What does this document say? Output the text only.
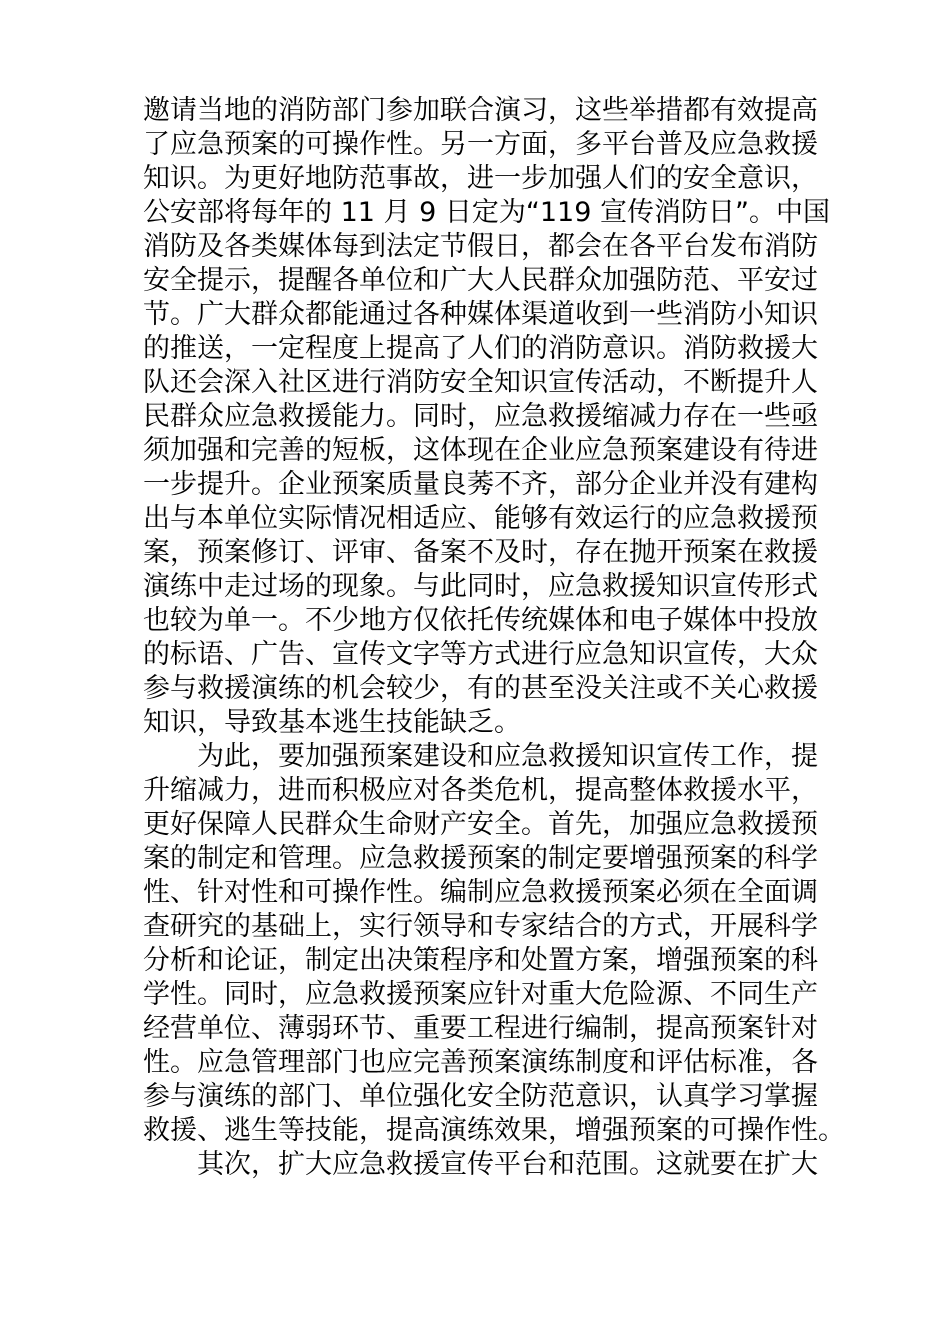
邀请当地的消防部门参加联合演习，这些举措都有效提高
了应急预案的可操作性。另一方面，多平台普及应急救援
知识。为更好地防范事故，进一步加强人们的安全意识，
公安部将每年的 11 月 9 日定为“119 宣传消防日”。中国
消防及各类媒体每到法定节假日，都会在各平台发布消防
安全提示，提醒各单位和广大人民群众加强防范、平安过
节。广大群众都能通过各种媒体渠道收到一些消防小知识
的推送，一定程度上提高了人们的消防意识。消防救援大
队还会深入社区进行消防安全知识宣传活动，不断提升人
民群众应急救援能力。同时，应急救援缩减力存在一些亟
须加强和完善的短板，这体现在企业应急预案建设有待进
一步提升。企业预案质量良莠不齐，部分企业并没有建构
出与本单位实际情况相适应、能够有效运行的应急救援预
案，预案修订、评审、备案不及时，存在抛开预案在救援
演练中走过场的现象。与此同时，应急救援知识宣传形式
也较为单一。不少地方仅依托传统媒体和电子媒体中投放
的标语、广告、宣传文字等方式进行应急知识宣传，大众
参与救援演练的机会较少，有的甚至没关注或不关心救援
知识，导致基本逃生技能缺乏。
　　为此，要加强预案建设和应急救援知识宣传工作，提
升缩减力，进而积极应对各类危机，提高整体救援水平，
更好保障人民群众生命财产安全。首先，加强应急救援预
案的制定和管理。应急救援预案的制定要增强预案的科学
性、针对性和可操作性。编制应急救援预案必须在全面调
查研究的基础上，实行领导和专家结合的方式，开展科学
分析和论证，制定出决策程序和处置方案，增强预案的科
学性。同时，应急救援预案应针对重大危险源、不同生产
经营单位、薄弱环节、重要工程进行编制，提高预案针对
性。应急管理部门也应完善预案演练制度和评估标准，各
参与演练的部门、单位强化安全防范意识，认真学习掌握
救援、逃生等技能，提高演练效果，增强预案的可操作性。
　　其次，扩大应急救援宣传平台和范围。这就要在扩大
